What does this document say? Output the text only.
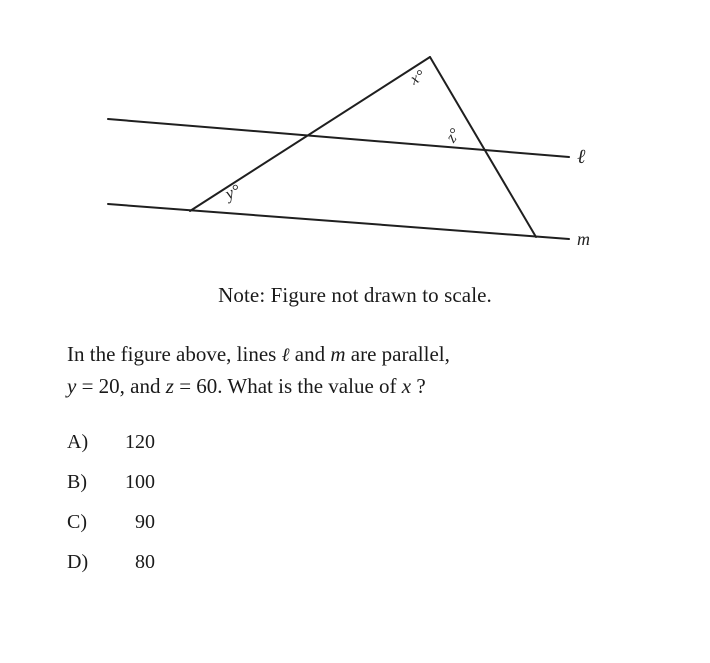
x°
z°
y°
ℓ
m
Note: Figure not drawn to scale.
In the figure above, lines ℓ and m are parallel,
y = 20, and z = 60. What is the value of x ?
A)	120
B)	100
C)	90
D)	80
